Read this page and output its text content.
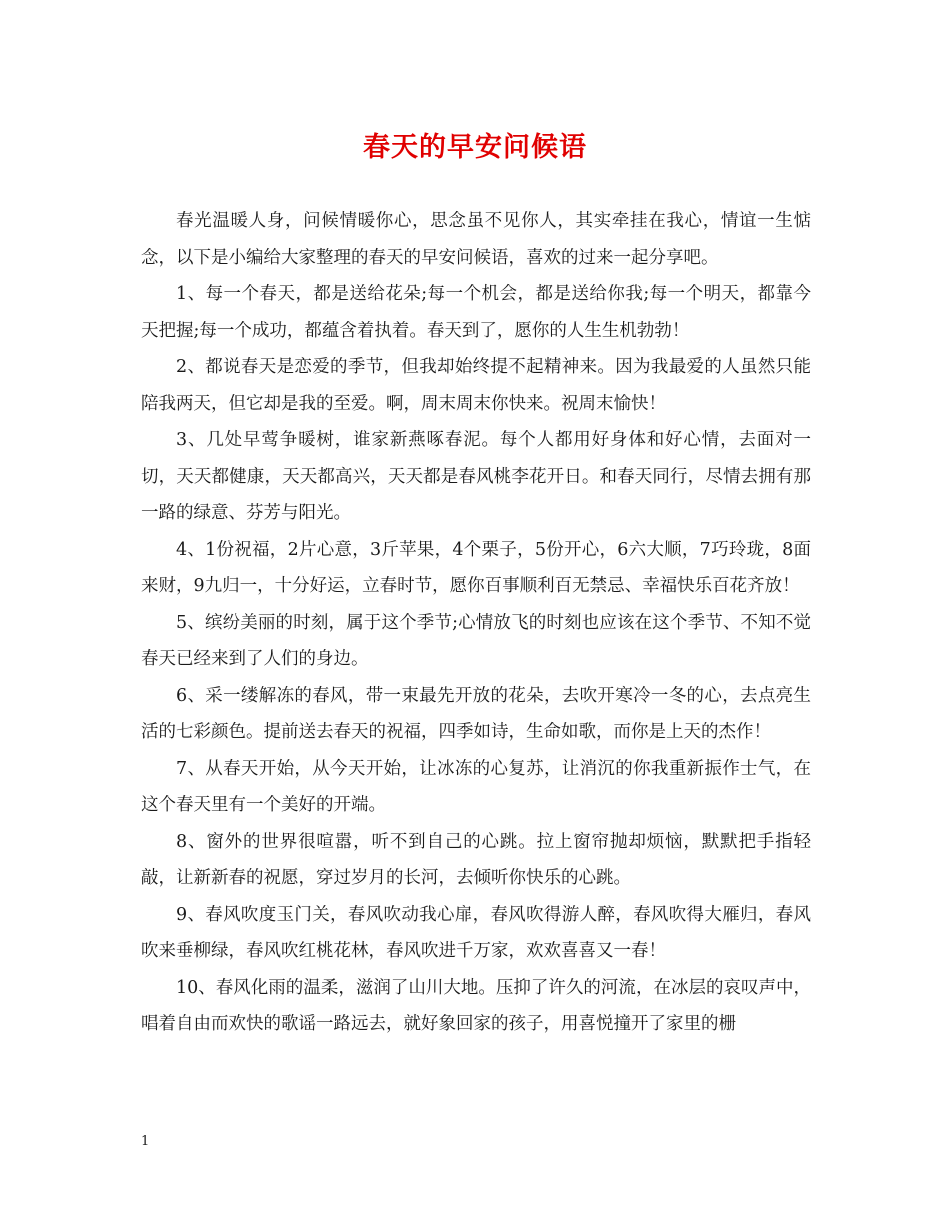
春天的早安问候语

春光温暖人身，问候情暖你心，思念虽不见你人，其实牵挂在我心，情谊一生惦念，以下是小编给大家整理的春天的早安问候语，喜欢的过来一起分享吧。

1、每一个春天，都是送给花朵;每一个机会，都是送给你我;每一个明天，都靠今天把握;每一个成功，都蕴含着执着。春天到了，愿你的人生生机勃勃！

2、都说春天是恋爱的季节，但我却始终提不起精神来。因为我最爱的人虽然只能陪我两天，但它却是我的至爱。啊，周末周末你快来。祝周末愉快！

3、几处早莺争暖树，谁家新燕啄春泥。每个人都用好身体和好心情，去面对一切，天天都健康，天天都高兴，天天都是春风桃李花开日。和春天同行，尽情去拥有那一路的绿意、芬芳与阳光。

4、1份祝福，2片心意，3斤苹果，4个栗子，5份开心，6六大顺，7巧玲珑，8面来财，9九归一，十分好运，立春时节，愿你百事顺利百无禁忌、幸福快乐百花齐放！

5、缤纷美丽的时刻，属于这个季节;心情放飞的时刻也应该在这个季节、不知不觉春天已经来到了人们的身边。

6、采一缕解冻的春风，带一束最先开放的花朵，去吹开寒冷一冬的心，去点亮生活的七彩颜色。提前送去春天的祝福，四季如诗，生命如歌，而你是上天的杰作！

7、从春天开始，从今天开始，让冰冻的心复苏，让消沉的你我重新振作士气，在这个春天里有一个美好的开端。

8、窗外的世界很喧嚣，听不到自己的心跳。拉上窗帘抛却烦恼，默默把手指轻敲，让新新春的祝愿，穿过岁月的长河，去倾听你快乐的心跳。

9、春风吹度玉门关，春风吹动我心扉，春风吹得游人醉，春风吹得大雁归，春风吹来垂柳绿，春风吹红桃花林，春风吹进千万家，欢欢喜喜又一春！

10、春风化雨的温柔，滋润了山川大地。压抑了许久的河流，在冰层的哀叹声中，唱着自由而欢快的歌谣一路远去，就好象回家的孩子，用喜悦撞开了家里的栅

1
